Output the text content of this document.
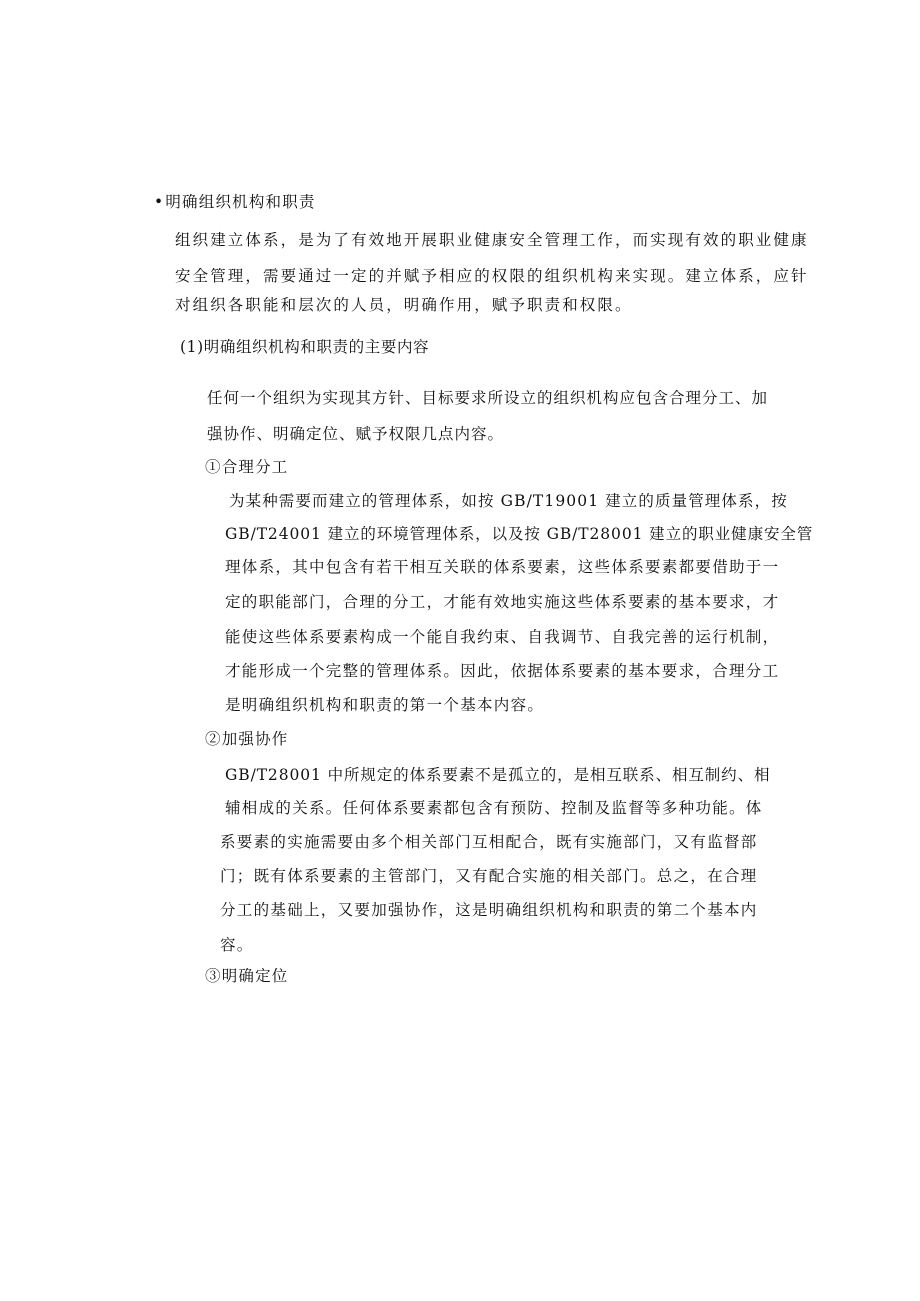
•明确组织机构和职责
组织建立体系，是为了有效地开展职业健康安全管理工作，而实现有效的职业健康
安全管理，需要通过一定的并赋予相应的权限的组织机构来实现。建立体系，应针
对组织各职能和层次的人员，明确作用，赋予职责和权限。
(1)明确组织机构和职责的主要内容
任何一个组织为实现其方针、目标要求所设立的组织机构应包含合理分工、加
强协作、明确定位、赋予权限几点内容。
①合理分工
为某种需要而建立的管理体系，如按 GB/T19001 建立的质量管理体系，按
GB/T24001 建立的环境管理体系，以及按 GB/T28001 建立的职业健康安全管
理体系，其中包含有若干相互关联的体系要素，这些体系要素都要借助于一
定的职能部门，合理的分工，才能有效地实施这些体系要素的基本要求，才
能使这些体系要素构成一个能自我约束、自我调节、自我完善的运行机制，
才能形成一个完整的管理体系。因此，依据体系要素的基本要求，合理分工
是明确组织机构和职责的第一个基本内容。
②加强协作
GB/T28001 中所规定的体系要素不是孤立的，是相互联系、相互制约、相
辅相成的关系。任何体系要素都包含有预防、控制及监督等多种功能。体
系要素的实施需要由多个相关部门互相配合，既有实施部门，又有监督部
门；既有体系要素的主管部门，又有配合实施的相关部门。总之，在合理
分工的基础上，又要加强协作，这是明确组织机构和职责的第二个基本内
容。
③明确定位
